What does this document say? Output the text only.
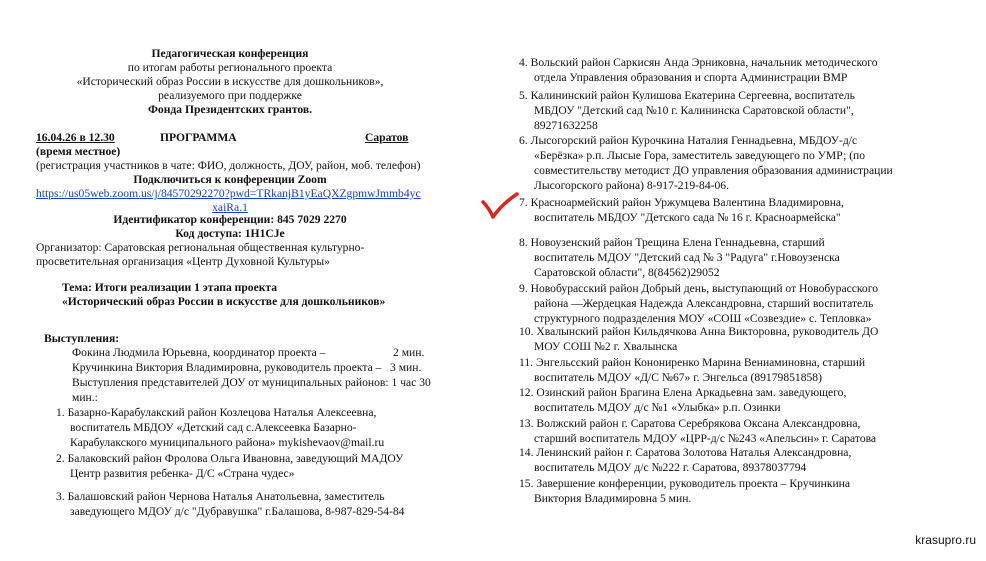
Педагогическая конференция
по итогам работы регионального проекта
«Исторический образ России в искусстве для дошкольников»,
реализуемого при поддержке
Фонда Президентских грантов.
16.04.26 в 12.30	ПРОГРАММА	Саратов
(время местное)
(регистрация участников в чате: ФИО, должность, ДОУ, район, моб. телефон)
Подключиться к конференции Zoom
https://us05web.zoom.us/j/84570292270?pwd=TRkanjB1yEaQXZgpmwJmmb4yc
xaiRa.1
Идентификатор конференции: 845 7029 2270
Код доступа: 1H1CJe
Организатор: Саратовская региональная общественная культурно-
просветительная организация «Центр Духовной Культуры»
Тема: Итоги реализации 1 этапа проекта
«Исторический образ России в искусстве для дошкольников»
Выступления:
Фокина Людмила Юрьевна, координатор проекта –	2 мин.
Кручинкина Виктория Владимировна, руководитель проекта – 3 мин.
Выступления представителей ДОУ от муниципальных районов: 1 час 30
мин.:
1. Базарно-Карабулакский район Козлецова Наталья Алексеевна,
воспитатель МБДОУ «Детский сад с.Алексеевка Базарно-
Карабулакского муниципального района» mykishevaov@mail.ru
2. Балаковский район Фролова Ольга Ивановна, заведующий МАДОУ
Центр развития ребенка- Д/С «Страна чудес»
3. Балашовский район Чернова Наталья Анатольевна, заместитель
заведующего МДОУ д/с "Дубравушка" г.Балашова, 8-987-829-54-84
4. Вольский район Саркисян Анда Эрниковна, начальник методического
отдела Управления образования и спорта Администрации ВМР
5. Калининский район Кулишова Екатерина Сергеевна, воспитатель
МБДОУ "Детский сад №10 г. Калининска Саратовской области",
89271632258
6. Лысогорский район Курочкина Наталия Геннадьевна, МБДОУ-д/с
«Берёзка» р.п. Лысые Гора, заместитель заведующего по УМР; (по
совместительству методист ДО управления образования администрации
Лысогорского района) 8-917-219-84-06.
7. Красноармейский район Уржумцева Валентина Владимировна,
воспитатель МБДОУ "Детского сада № 16 г. Красноармейска"
8. Новоузенский район Трещина Елена Геннадьевна, старший
воспитатель МДОУ "Детский сад № 3 "Радуга" г.Новоузенска
Саратовской области", 8(84562)29052
9. Новобурасский район Добрый день, выступающий от Новобурасского
района —Жердецкая Надежда Александровна, старший воспитатель
структурного подразделения МОУ «СОШ «Созвездие» с. Тепловка»
10. Хвалынский район Кильдячкова Анна Викторовна, руководитель ДО
МОУ СОШ №2 г. Хвалынска
11. Энгельсский район Конониренко Марина Вениаминовна, старший
воспитатель МДОУ «Д/С №67» г. Энгельса (89179851858)
12. Озинский район Брагина Елена Аркадьевна зам. заведующего,
воспитатель МДОУ д/с №1 «Улыбка» р.п. Озинки
13. Волжский район г. Саратова Серебрякова Оксана Александровна,
старший воспитатель МДОУ «ЦРР-д/с №243 «Апельсин» г. Саратова
14. Ленинский район г. Саратова Золотова Наталья Александровна,
воспитатель МДОУ д/с №222 г. Саратова, 89378037794
15. Завершение конференции, руководитель проекта – Кручинкина
Виктория Владимировна 5 мин.
krasupro.ru
